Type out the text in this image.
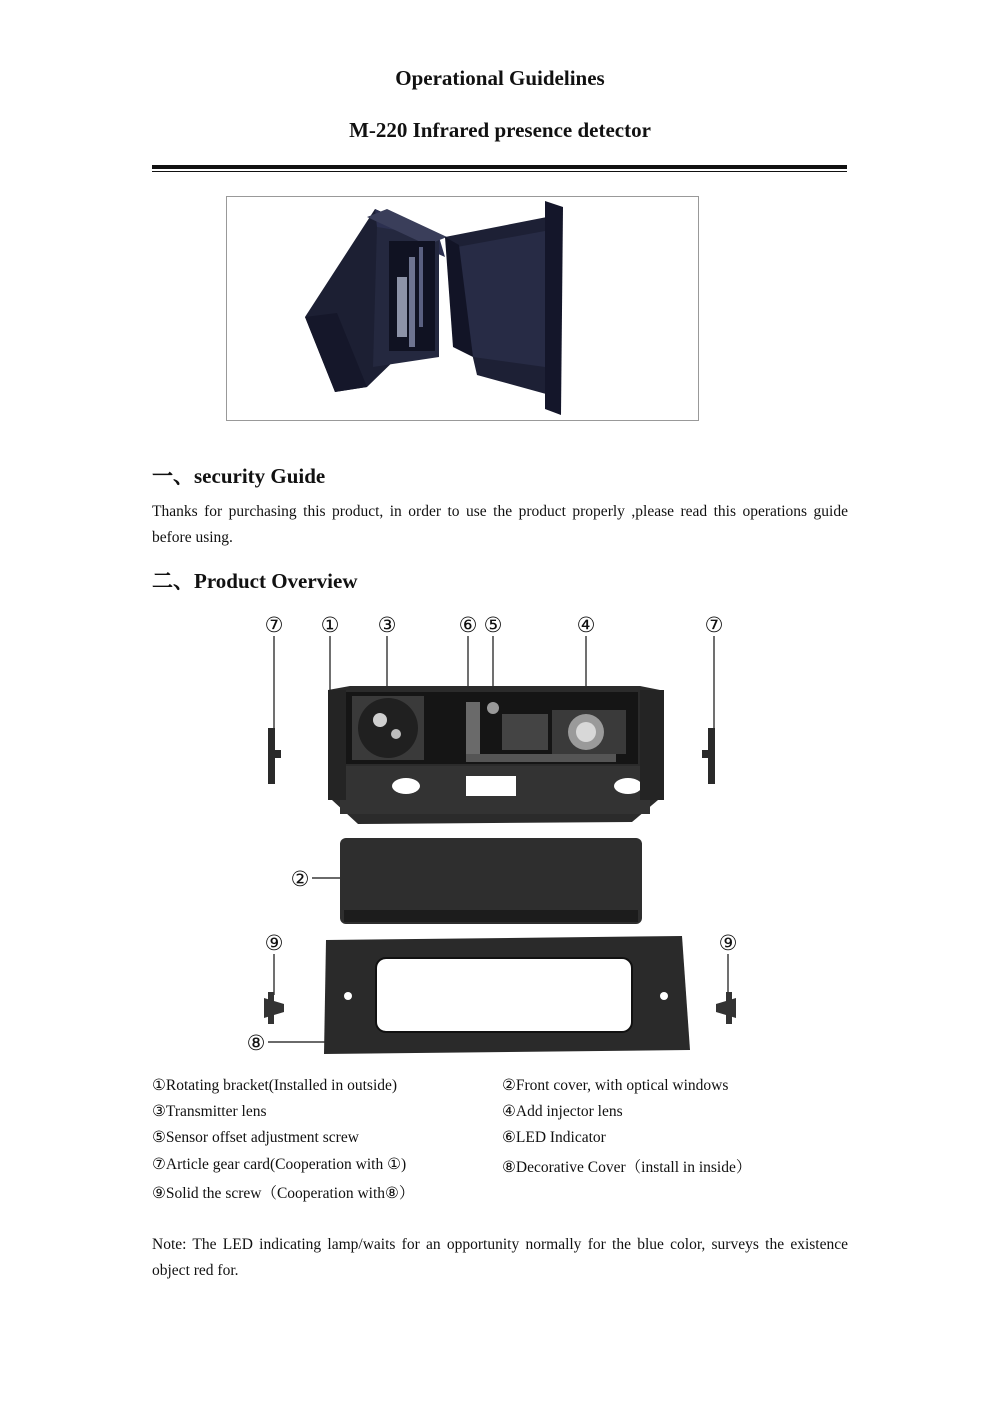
Operational Guidelines
M-220 Infrared presence detector
一、security Guide
Thanks for purchasing this product, in order to use the product properly ,please read this operations guide before using.
二、Product Overview
⑦ ① ③	⑥ ⑤	④	⑦
②
⑨	⑨
⑧
①Rotating bracket(Installed in outside)	②Front cover, with optical windows
③Transmitter lens	④Add injector lens
⑤Sensor offset adjustment screw	⑥LED Indicator
⑦Article gear card(Cooperation with ①)	⑧Decorative Cover（install in inside）
⑨Solid the screw（Cooperation with⑧）
Note: The LED indicating lamp/waits for an opportunity normally for the blue color, surveys the existence object red for.
